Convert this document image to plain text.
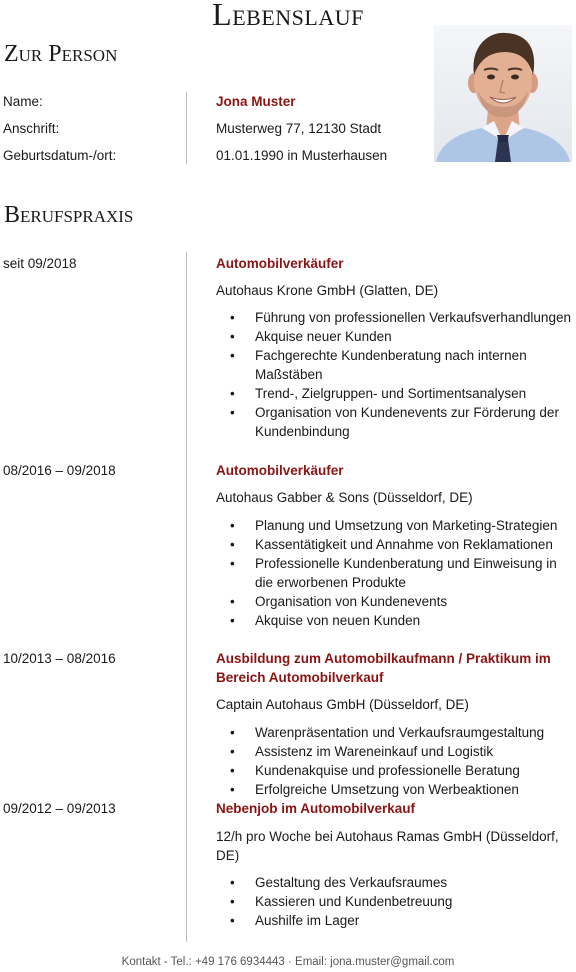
Lebenslauf
Zur Person
Name:	Jona Muster
Anschrift:	Musterweg 77, 12130 Stadt
Geburtsdatum-/ort:	01.01.1990 in Musterhausen
Berufspraxis
seit 09/2018	Automobilverkäufer
Autohaus Krone GmbH (Glatten, DE)
• Führung von professionellen Verkaufsverhandlungen
• Akquise neuer Kunden
• Fachgerechte Kundenberatung nach internen Maßstäben
• Trend-, Zielgruppen- und Sortimentsanalysen
• Organisation von Kundenevents zur Förderung der Kundenbindung
08/2016 – 09/2018	Automobilverkäufer
Autohaus Gabber & Sons (Düsseldorf, DE)
• Planung und Umsetzung von Marketing-Strategien
• Kassentätigkeit und Annahme von Reklamationen
• Professionelle Kundenberatung und Einweisung in die erworbenen Produkte
• Organisation von Kundenevents
• Akquise von neuen Kunden
10/2013 – 08/2016	Ausbildung zum Automobilkaufmann / Praktikum im Bereich Automobilverkauf
Captain Autohaus GmbH (Düsseldorf, DE)
• Warenpräsentation und Verkaufsraumgestaltung
• Assistenz im Wareneinkauf und Logistik
• Kundenakquise und professionelle Beratung
• Erfolgreiche Umsetzung von Werbeaktionen
09/2012 – 09/2013	Nebenjob im Automobilverkauf
12/h pro Woche bei Autohaus Ramas GmbH (Düsseldorf, DE)
• Gestaltung des Verkaufsraumes
• Kassieren und Kundenbetreuung
• Aushilfe im Lager
Kontakt - Tel.: +49 176 6934443 · Email: jona.muster@gmail.com
